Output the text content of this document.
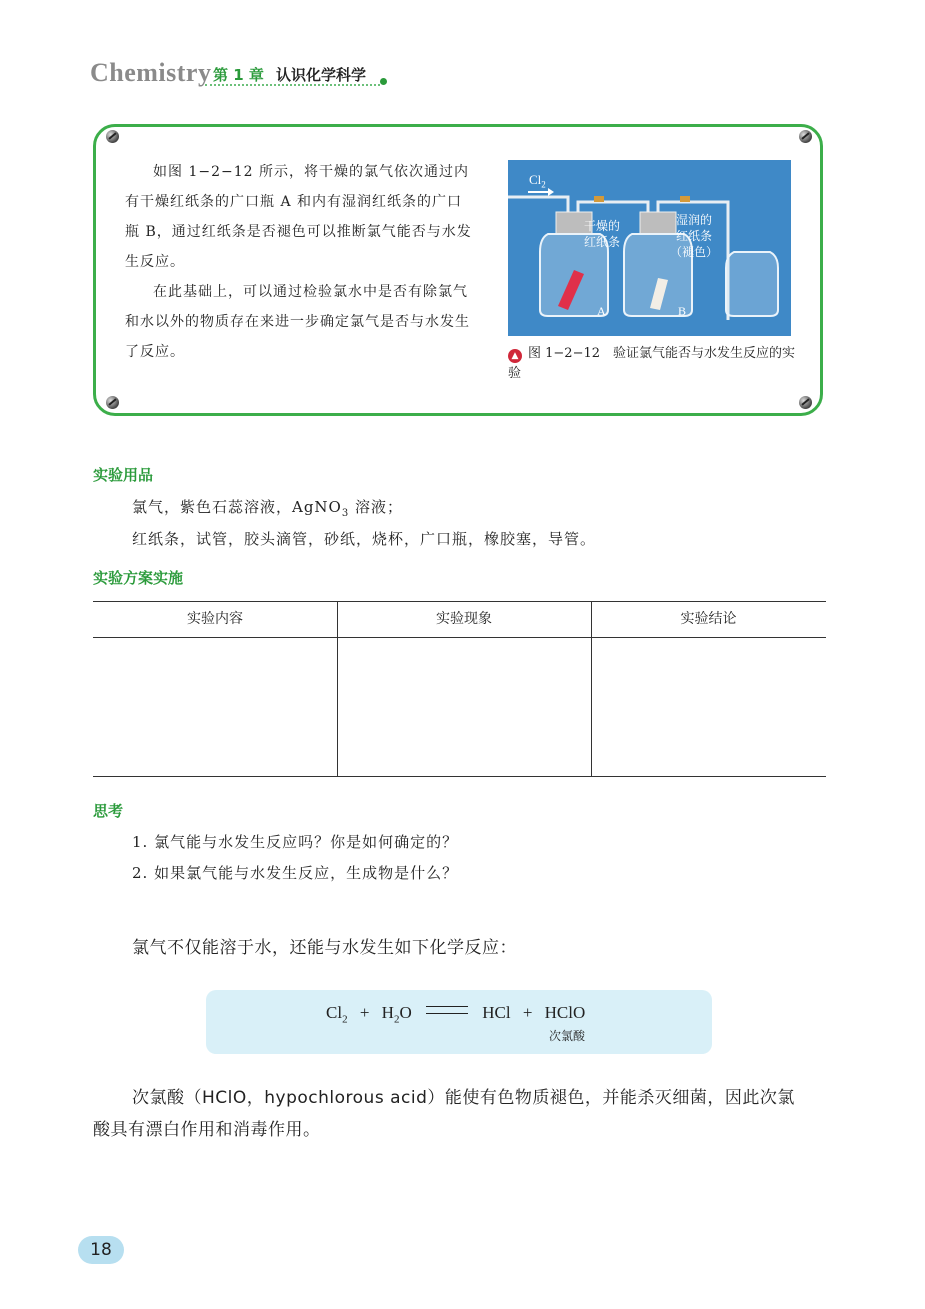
Chemistry 第 1 章 认识化学科学

如图 1−2−12 所示，将干燥的氯气依次通过内有干燥红纸条的广口瓶 A 和内有湿润红纸条的广口瓶 B，通过红纸条是否褪色可以推断氯气能否与水发生反应。

在此基础上，可以通过检验氯水中是否有除氯气和水以外的物质存在来进一步确定氯气是否与水发生了反应。

$Cl_2$
干燥的
红纸条
湿润的
红纸条
（褪色）
A	B
▲ 图 1−2−12　验证氯气能否与水发生反应的实验
实验用品
氯气，紫色石蕊溶液，AgNO$_3$ 溶液；
红纸条，试管，胶头滴管，砂纸，烧杯，广口瓶，橡胶塞，导管。
实验方案实施
实验内容	实验现象	实验结论
思考
1. 氯气能与水发生反应吗？你是如何确定的？
2. 如果氯气能与水发生反应，生成物是什么？
氯气不仅能溶于水，还能与水发生如下化学反应：
$Cl_2 + H_2O$	HCl + HClO
次氯酸
次氯酸（HClO，hypochlorous acid）能使有色物质褪色，并能杀灭细菌，因此次氯
酸具有漂白作用和消毒作用。
18
